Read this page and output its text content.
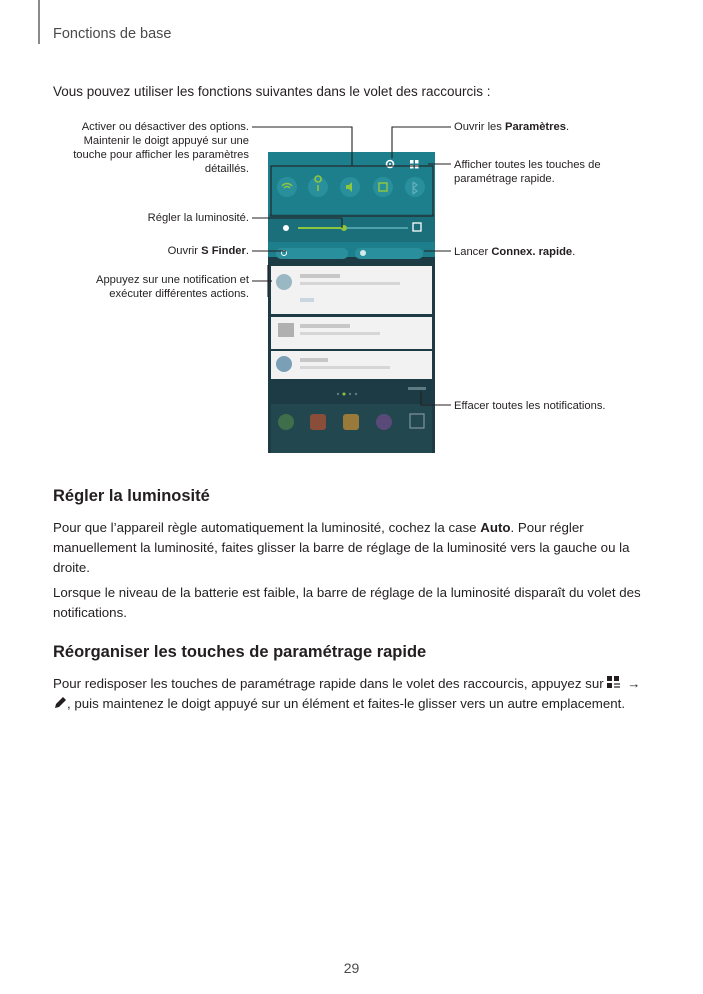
Fonctions de base
Vous pouvez utiliser les fonctions suivantes dans le volet des raccourcis :
Activer ou désactiver des options.
Maintenir le doigt appuyé sur une
touche pour afficher les paramètres
détaillés.
Régler la luminosité.
Ouvrir S Finder.
Appuyez sur une notification et
exécuter différentes actions.
Ouvrir les Paramètres.
Afficher toutes les touches de
paramétrage rapide.
Lancer Connex. rapide.
Effacer toutes les notifications.
Régler la luminosité
Pour que l’appareil règle automatiquement la luminosité, cochez la case Auto. Pour régler
manuellement la luminosité, faites glisser la barre de réglage de la luminosité vers la gauche ou la
droite.
Lorsque le niveau de la batterie est faible, la barre de réglage de la luminosité disparaît du volet des
notifications.
Réorganiser les touches de paramétrage rapide
Pour redisposer les touches de paramétrage rapide dans le volet des raccourcis, appuyez sur →
, puis maintenez le doigt appuyé sur un élément et faites-le glisser vers un autre emplacement.
29
